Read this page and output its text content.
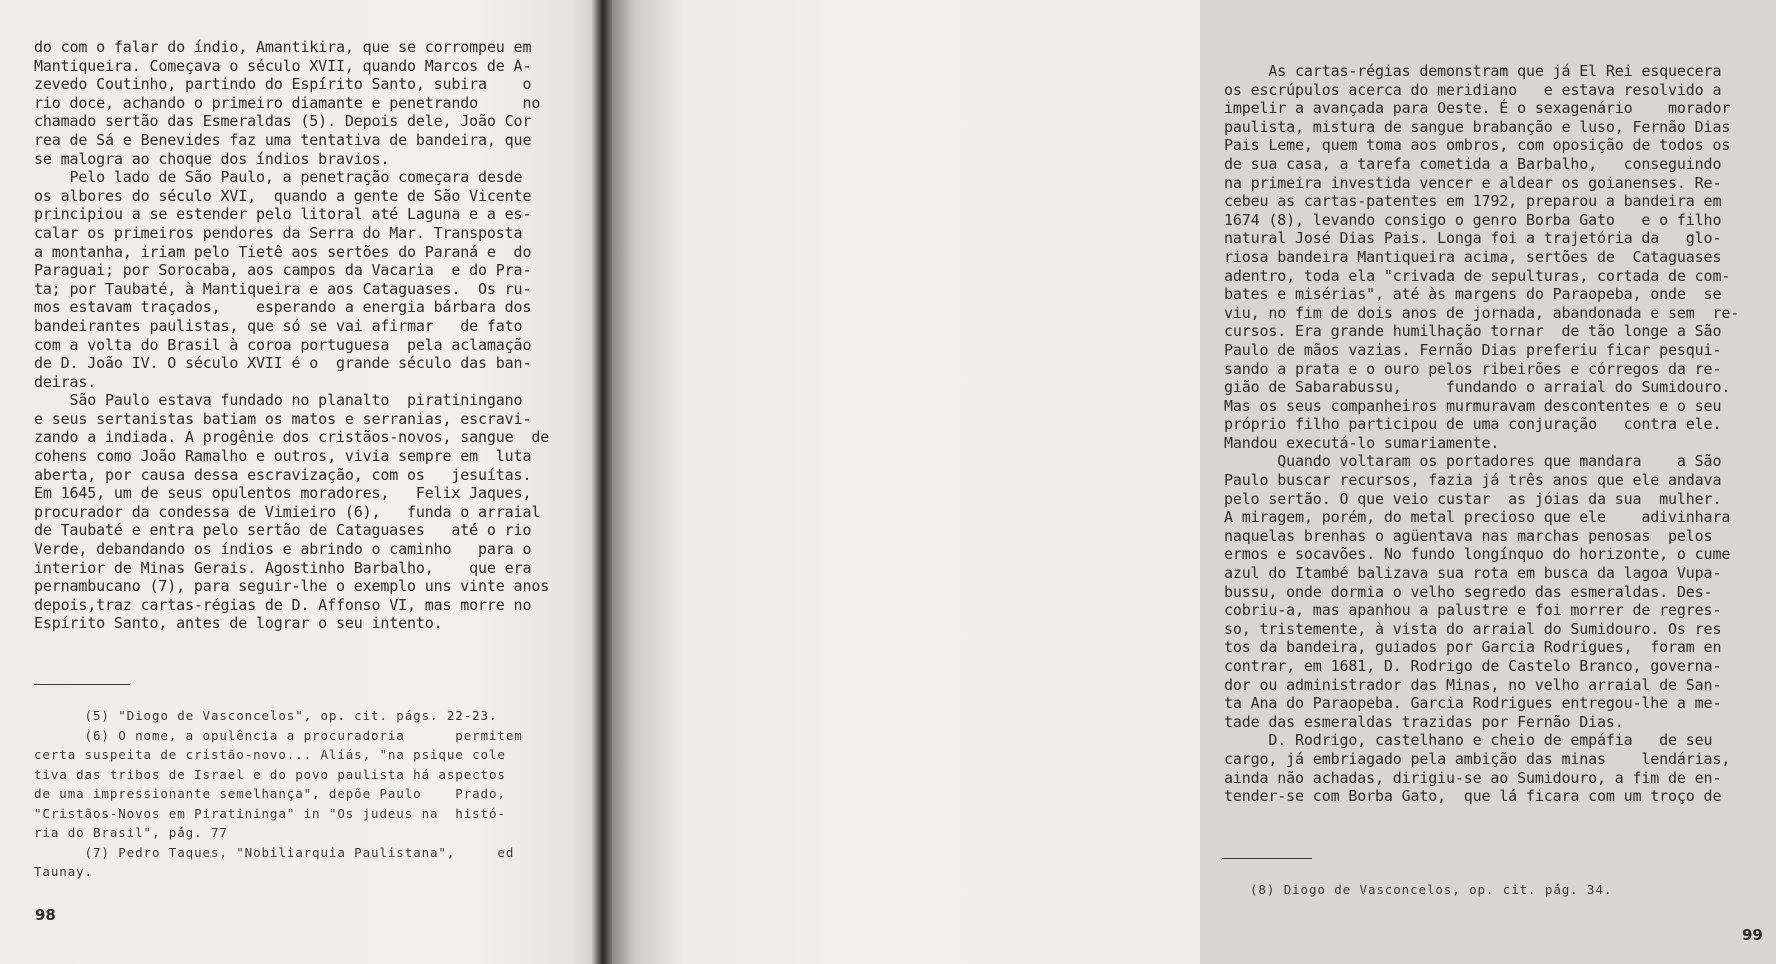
do com o falar do índio, Amantikira, que se corrompeu em
Mantiqueira. Começava o século XVII, quando Marcos de A-
zevedo Coutinho, partindo do Espírito Santo, subira    o
rio doce, achando o primeiro diamante e penetrando     no
chamado sertão das Esmeraldas (5). Depois dele, João Cor
rea de Sá e Benevides faz uma tentativa de bandeira, que
se malogra ao choque dos índios bravios.
Pelo lado de São Paulo, a penetração começara desde
os albores do século XVI,  quando a gente de São Vicente
principiou a se estender pelo litoral até Laguna e a es-
calar os primeiros pendores da Serra do Mar. Transposta
a montanha, iriam pelo Tietê aos sertões do Paraná e  do
Paraguai; por Sorocaba, aos campos da Vacaria  e do Pra-
ta; por Taubaté, à Mantiqueira e aos Cataguases.  Os ru-
mos estavam traçados,    esperando a energia bárbara dos
bandeirantes paulistas, que só se vai afirmar   de fato
com a volta do Brasil à coroa portuguesa  pela aclamação
de D. João IV. O século XVII é o  grande século das ban-
deiras.
São Paulo estava fundado no planalto  piratiningano
e seus sertanistas batiam os matos e serranias, escravi-
zando a indiada. A progênie dos cristãos-novos, sangue  de
cohens como João Ramalho e outros, vivia sempre em  luta
aberta, por causa dessa escravização, com os   jesuítas.
Em 1645, um de seus opulentos moradores,   Felix Jaques,
procurador da condessa de Vimieiro (6),   funda o arraial
de Taubaté e entra pelo sertão de Cataguases   até o rio
Verde, debandando os índios e abrindo o caminho   para o
interior de Minas Gerais. Agostinho Barbalho,    que era
pernambucano (7), para seguir-lhe o exemplo uns vinte anos
depois,traz cartas-régias de D. Affonso VI, mas morre no
Espírito Santo, antes de lograr o seu intento.
(5) "Diogo de Vasconcelos", op. cit. págs. 22-23.
(6) O nome, a opulência a procuradoria      permitem
certa suspeita de cristão-novo... Aliás, "na psique cole
tiva das tribos de Israel e do povo paulista há aspectos
de uma impressionante semelhança", depõe Paulo    Prado,
"Cristãos-Novos em Piratininga" in "Os judeus na  histó-
ria do Brasil", pág. 77
(7) Pedro Taques, "Nobiliarquia Paulistana",     ed
Taunay.
98
As cartas-régias demonstram que já El Rei esquecera
os escrúpulos acerca do meridiano   e estava resolvido a
impelir a avançada para Oeste. É o sexagenário    morador
paulista, mistura de sangue brabanção e luso, Fernão Dias
Pais Leme, quem toma aos ombros, com oposição de todos os
de sua casa, a tarefa cometida a Barbalho,   conseguindo
na primeira investida vencer e aldear os goianenses. Re-
cebeu as cartas-patentes em 1792, preparou a bandeira em
1674 (8), levando consigo o genro Borba Gato   e o filho
natural José Dias Pais. Longa foi a trajetória da   glo-
riosa bandeira Mantiqueira acima, sertões de  Cataguases
adentro, toda ela "crivada de sepulturas, cortada de com-
bates e misérias", até às margens do Paraopeba, onde  se
viu, no fim de dois anos de jornada, abandonada e sem  re-
cursos. Era grande humilhação tornar  de tão longe a São
Paulo de mãos vazias. Fernão Dias preferiu ficar pesqui-
sando a prata e o ouro pelos ribeirões e córregos da re-
gião de Sabarabussu,     fundando o arraial do Sumidouro.
Mas os seus companheiros murmuravam descontentes e o seu
próprio filho participou de uma conjuração   contra ele.
Mandou executá-lo sumariamente.
Quando voltaram os portadores que mandara    a São
Paulo buscar recursos, fazia já três anos que ele andava
pelo sertão. O que veio custar  as jóias da sua  mulher.
A miragem, porém, do metal precioso que ele    adivinhara
naquelas brenhas o agüentava nas marchas penosas  pelos
ermos e socavões. No fundo longínquo do horizonte, o cume
azul do Itambé balizava sua rota em busca da lagoa Vupa-
bussu, onde dormia o velho segredo das esmeraldas. Des-
cobriu-a, mas apanhou a palustre e foi morrer de regres-
so, tristemente, à vista do arraial do Sumidouro. Os res
tos da bandeira, guiados por Garcia Rodrigues,  foram en
contrar, em 1681, D. Rodrigo de Castelo Branco, governa-
dor ou administrador das Minas, no velho arraial de San-
ta Ana do Paraopeba. Garcia Rodrigues entregou-lhe a me-
tade das esmeraldas trazidas por Fernão Dias.
D. Rodrigo, castelhano e cheio de empáfia   de seu
cargo, já embriagado pela ambição das minas    lendárias,
ainda não achadas, dirigiu-se ao Sumidouro, a fim de en-
tender-se com Borba Gato,  que lá ficara com um troço de
(8) Diogo de Vasconcelos, op. cit. pág. 34.
99
